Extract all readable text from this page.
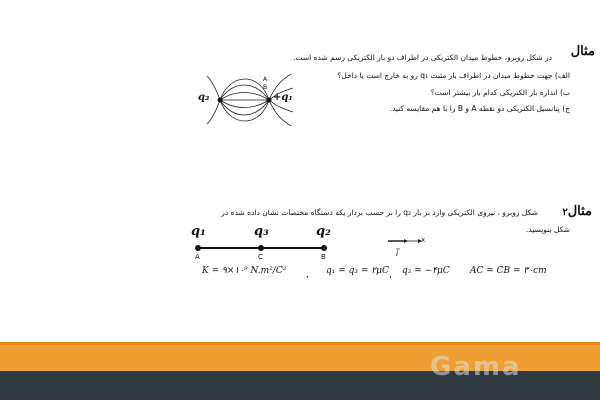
مثال
در شکل روبرو، خطوط میدان الکتریکی در اطراف دو بار الکتریکی رسم شده است.
الف) جهت خطوط میدان در اطراف بار مثبت q₁ رو به خارج است یا داخل؟
ب) اندازه بار الکتریکی کدام بار بیشتر است؟
ج) پتانسیل الکتریکی دو نقطه A و B را با هم مقایسه کنید.
q₂	+q₁
A
B
مثال۲
شکل روبرو ، نیروی الکتریکی وارد بر بار q₂ را بر حسب بردار یکه دستگاه مختصات نشان داده شده در
شکل بنویسید.
q₁	q₃	q₂
A	C	B
x
i
K = ۹×۱۰⁹ N.m²/C²	q₁ = q₃ = ۲μC q₂ = −۴μC AC = CB = ۳۰cm
,	,
Gama
